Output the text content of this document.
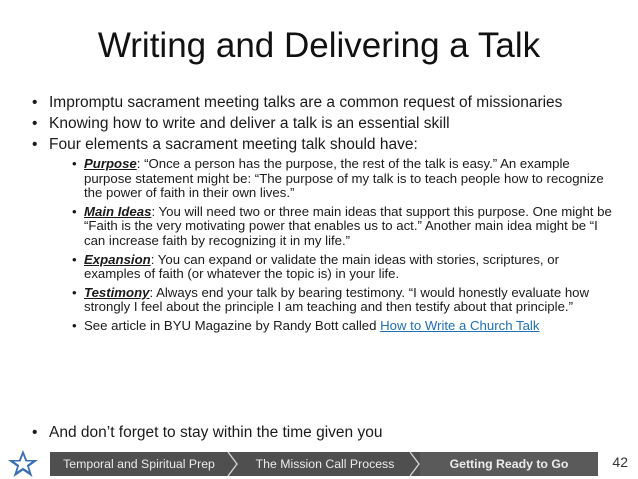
Writing and Delivering a Talk
• Impromptu sacrament meeting talks are a common request of missionaries
• Knowing how to write and deliver a talk is an essential skill
• Four elements a sacrament meeting talk should have:
• Purpose: “Once a person has the purpose, the rest of the talk is easy.” An example purpose statement might be: “The purpose of my talk is to teach people how to recognize the power of faith in their own lives.”
• Main Ideas: You will need two or three main ideas that support this purpose. One might be “Faith is the very motivating power that enables us to act.” Another main idea might be “I can increase faith by recognizing it in my life.”
• Expansion: You can expand or validate the main ideas with stories, scriptures, or examples of faith (or whatever the topic is) in your life.
• Testimony: Always end your talk by bearing testimony. “I would honestly evaluate how strongly I feel about the principle I am teaching and then testify about that principle.”
• See article in BYU Magazine by Randy Bott called How to Write a Church Talk
• And don’t forget to stay within the time given you
Temporal and Spiritual Prep	The Mission Call Process	Getting Ready to Go	42
